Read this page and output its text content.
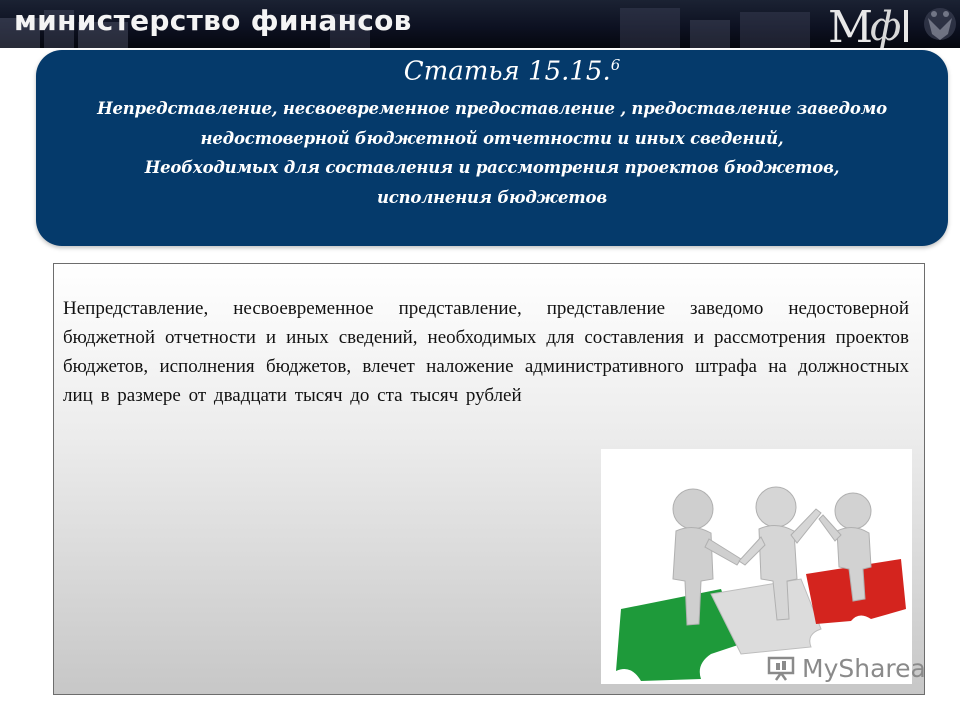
министерство финансов	М
ф
Статья 15.15.$^6$
Непредставление, несвоевременное предоставление , предоставление заведомо
недостоверной бюджетной отчетности и иных сведений,
Необходимых для составления и рассмотрения проектов бюджетов,
исполнения бюджетов
Непредставление, несвоевременное представление, представление заведомо недостоверной бюджетной отчетности и иных сведений, необходимых для составления и рассмотрения проектов бюджетов, исполнения бюджетов, влечет наложение административного штрафа на должностных лиц в размере от двадцати тысяч до ста тысяч рублей
MySharea
